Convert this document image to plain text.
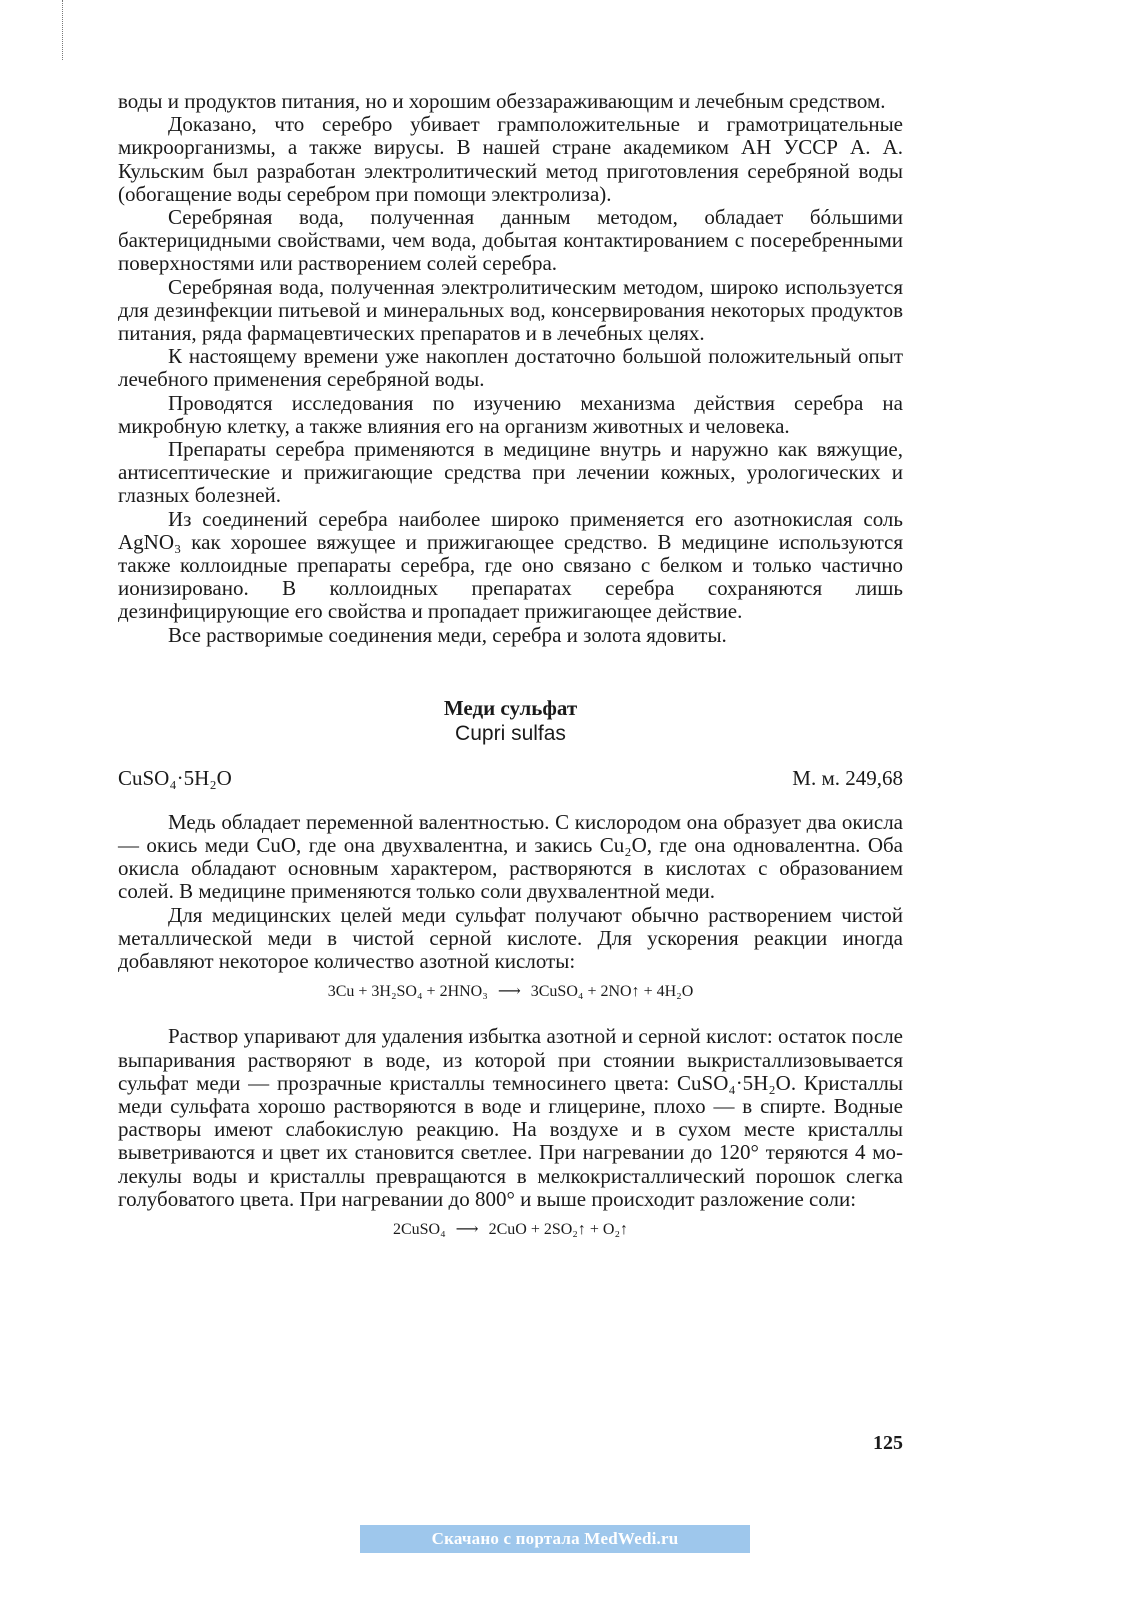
воды и продуктов питания, но и хорошим обеззараживающим и лечебным средством.

Доказано, что серебро убивает грамположительные и грамотрицательные микроорганизмы, а также вирусы. В нашей стране академиком АН УССР А. А. Кульским был разработан электролитический метод приготовления серебряной воды (обогащение воды серебром при помощи электролиза).

Серебряная вода, полученная данным методом, обладает бóльшими бактерицидными свойствами, чем вода, добытая контактированием с посеребренными поверхностями или растворением солей серебра.

Серебряная вода, полученная электролитическим методом, широко используется для дезинфекции питьевой и минеральных вод, консервирования некоторых продуктов питания, ряда фармацевтических препаратов и в лечебных целях.

К настоящему времени уже накоплен достаточно большой положительный опыт лечебного применения серебряной воды.

Проводятся исследования по изучению механизма действия серебра на микробную клетку, а также влияния его на организм животных и человека.

Препараты серебра применяются в медицине внутрь и наружно как вяжущие, антисептические и прижигающие средства при лечении кожных, урологических и глазных болезней.

Из соединений серебра наиболее широко применяется его азотнокислая соль AgNO₃ как хорошее вяжущее и прижигающее средство. В медицине используются также коллоидные препараты серебра, где оно связано с белком и только частично ионизировано. В коллоидных препаратах серебра сохраняются лишь дезинфицирующие его свойства и пропадает прижигающее действие.

Все растворимые соединения меди, серебра и золота ядовиты.

Меди сульфат
Cupri sulfas
CuSO₄·5H₂O	М. м. 249,68

Медь обладает переменной валентностью. С кислородом она образует два окисла — окись меди CuO, где она двухвалентна, и закись Cu₂O, где она одновалентна. Оба окисла обладают основным характером, растворяются в кислотах с образованием солей. В медицине применяются только соли двухвалентной меди.

Для медицинских целей меди сульфат получают обычно растворением чистой металлической меди в чистой серной кислоте. Для ускорения реакции иногда добавляют некоторое количество азотной кислоты:

3Cu + 3H₂SO₄ + 2HNO₃ ⟶ 3CuSO₄ + 2NO↑ + 4H₂O

Раствор упаривают для удаления избытка азотной и серной кислот: остаток после выпаривания растворяют в воде, из которой при стоянии выкристаллизовывается сульфат меди — прозрачные кристаллы темносинего цвета: CuSO₄·5H₂O. Кристаллы меди сульфата хорошо растворяются в воде и глицерине, плохо — в спирте. Водные растворы имеют слабокислую реакцию. На воздухе и в сухом месте кристаллы выветриваются и цвет их становится светлее. При нагревании до 120° теряются 4 молекулы воды и кристаллы превращаются в мелкокристаллический порошок слегка голубоватого цвета. При нагревании до 800° и выше происходит разложение соли:

2CuSO₄ ⟶ 2CuO + 2SO₂↑ + O₂↑
125
Скачано с портала MedWedi.ru
